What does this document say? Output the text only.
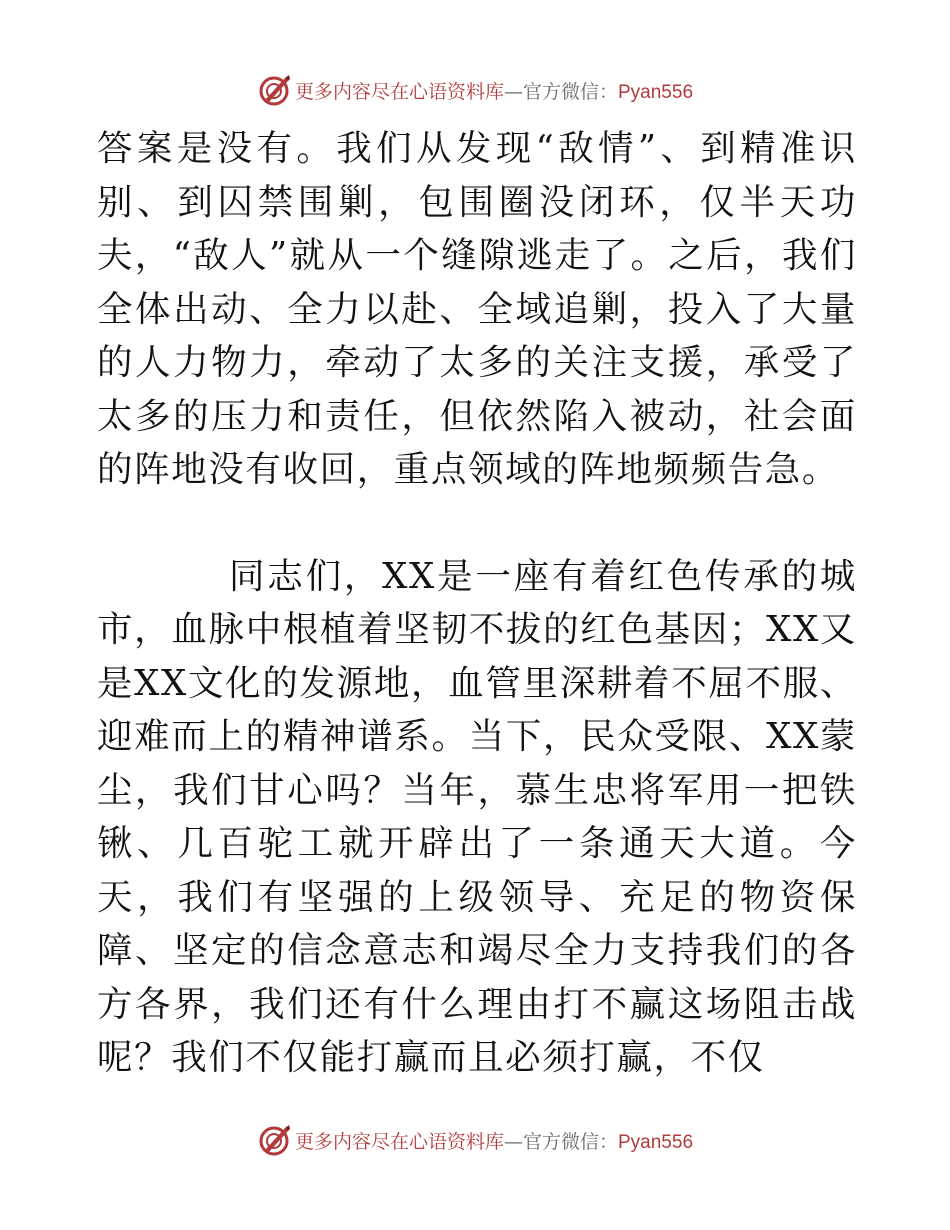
更多内容尽在心语资料库—官方微信：Pyan556

答案是没有。我们从发现“敌情”、到精准识别、到囚禁围剿，包围圈没闭环，仅半天功夫，“敌人”就从一个缝隙逃走了。之后，我们全体出动、全力以赴、全域追剿，投入了大量的人力物力，牵动了太多的关注支援，承受了太多的压力和责任，但依然陷入被动，社会面的阵地没有收回，重点领域的阵地频频告急。

同志们，XX是一座有着红色传承的城市，血脉中根植着坚韧不拔的红色基因；XX又是XX文化的发源地，血管里深耕着不屈不服、迎难而上的精神谱系。当下，民众受限、XX蒙尘，我们甘心吗？当年，慕生忠将军用一把铁锹、几百驼工就开辟出了一条通天大道。今天，我们有坚强的上级领导、充足的物资保障、坚定的信念意志和竭尽全力支持我们的各方各界，我们还有什么理由打不赢这场阻击战呢？我们不仅能打赢而且必须打赢，不仅

更多内容尽在心语资料库—官方微信：Pyan556
